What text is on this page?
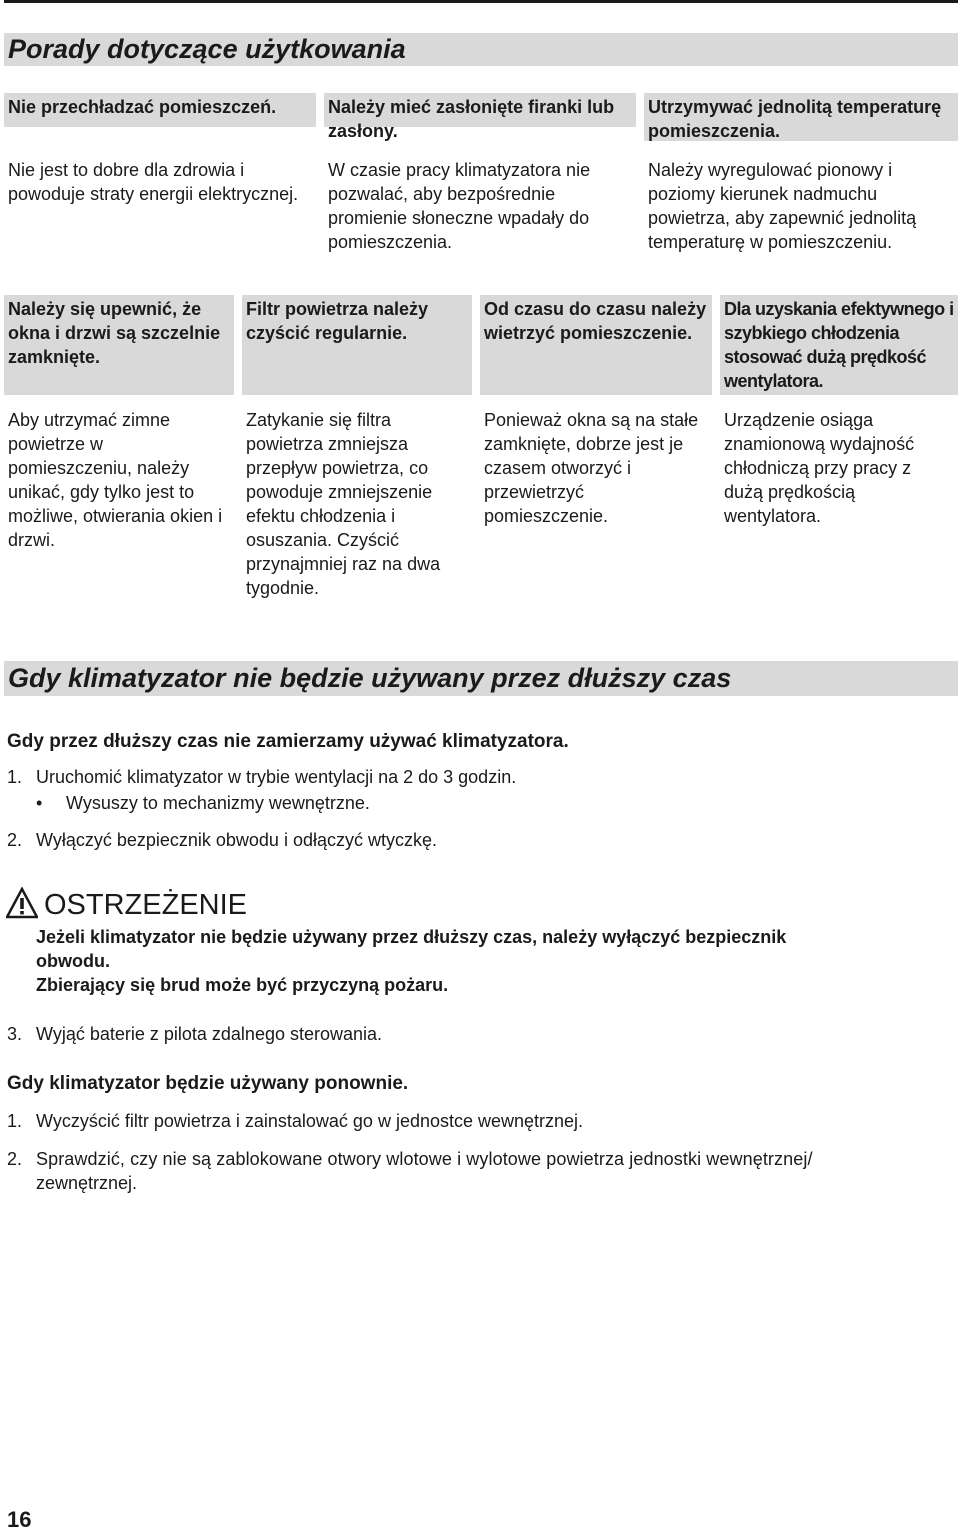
Porady dotyczące użytkowania
Nie przechładzać pomieszczeń.
Nie jest to dobre dla zdrowia i powoduje straty energii elektrycznej.
Należy mieć zasłonięte firanki lub zasłony.
W czasie pracy klimatyzatora nie pozwalać, aby bezpośrednie promienie słoneczne wpadały do pomieszczenia.
Utrzymywać jednolitą temperaturę pomieszczenia.
Należy wyregulować pionowy i poziomy kierunek nadmuchu powietrza, aby zapewnić jednolitą temperaturę w pomieszczeniu.
Należy się upewnić, że okna i drzwi są szczelnie zamknięte.
Aby utrzymać zimne powietrze w pomieszczeniu, należy unikać, gdy tylko jest to możliwe, otwierania okien i drzwi.
Filtr powietrza należy czyścić regularnie.
Zatykanie się filtra powietrza zmniejsza przepływ powietrza, co powoduje zmniejszenie efektu chłodzenia i osuszania. Czyścić przynajmniej raz na dwa tygodnie.
Od czasu do czasu należy wietrzyć pomieszczenie.
Ponieważ okna są na stałe zamknięte, dobrze jest je czasem otworzyć i przewietrzyć pomieszczenie.
Dla uzyskania efektywnego i szybkiego chłodzenia stosować dużą prędkość wentylatora.
Urządzenie osiąga znamionową wydajność chłodniczą przy pracy z dużą prędkością wentylatora.
Gdy klimatyzator nie będzie używany przez dłuższy czas
Gdy przez dłuższy czas nie zamierzamy używać klimatyzatora.
1. Uruchomić klimatyzator w trybie wentylacji na 2 do 3 godzin.
• Wysuszy to mechanizmy wewnętrzne.
2. Wyłączyć bezpiecznik obwodu i odłączyć wtyczkę.
OSTRZEŻENIE
Jeżeli klimatyzator nie będzie używany przez dłuższy czas, należy wyłączyć bezpiecznik
obwodu.
Zbierający się brud może być przyczyną pożaru.
3. Wyjąć baterie z pilota zdalnego sterowania.
Gdy klimatyzator będzie używany ponownie.
1. Wyczyścić filtr powietrza i zainstalować go w jednostce wewnętrznej.
2. Sprawdzić, czy nie są zablokowane otwory wlotowe i wylotowe powietrza jednostki wewnętrznej/
zewnętrznej.
16
